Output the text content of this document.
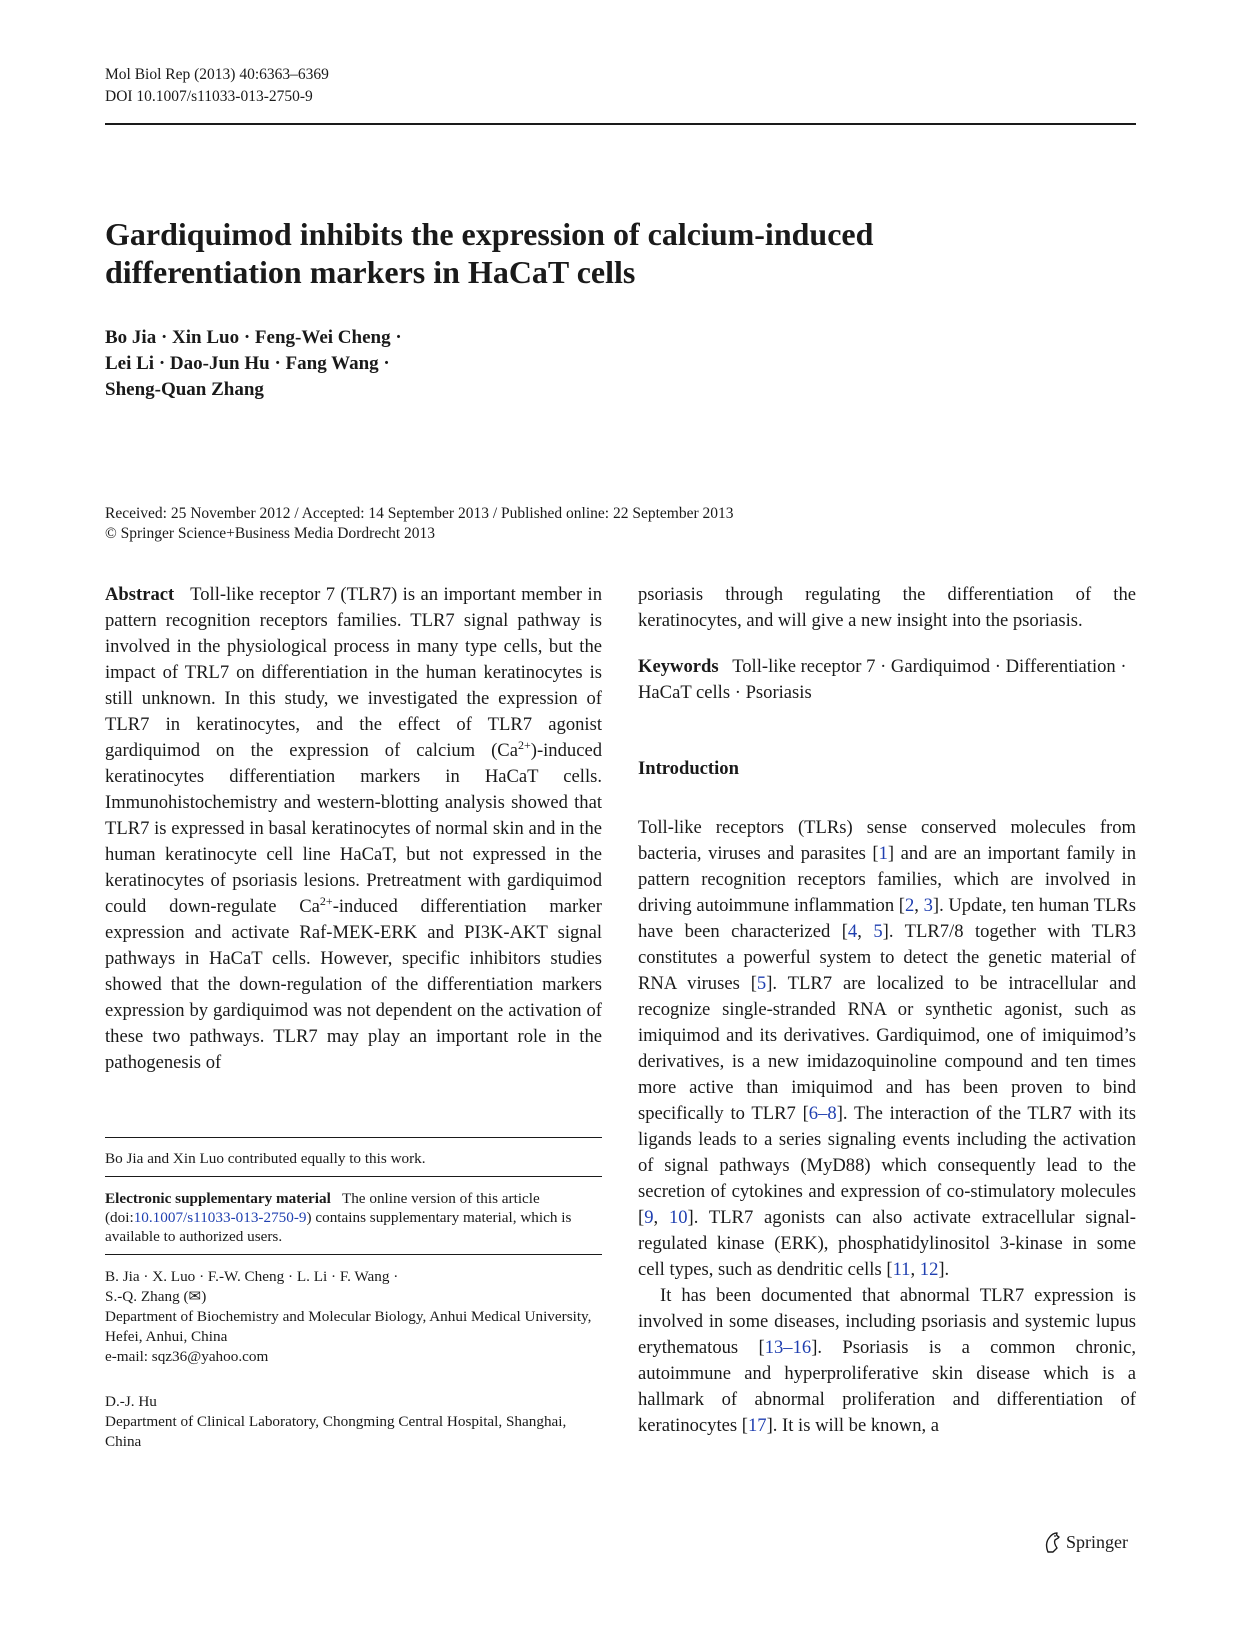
Mol Biol Rep (2013) 40:6363–6369
DOI 10.1007/s11033-013-2750-9
Gardiquimod inhibits the expression of calcium-induced
differentiation markers in HaCaT cells
Bo Jia · Xin Luo · Feng-Wei Cheng ·
Lei Li · Dao-Jun Hu · Fang Wang ·
Sheng-Quan Zhang
Received: 25 November 2012 / Accepted: 14 September 2013 / Published online: 22 September 2013
© Springer Science+Business Media Dordrecht 2013

Abstract Toll-like receptor 7 (TLR7) is an important member in pattern recognition receptors families. TLR7 signal pathway is involved in the physiological process in many type cells, but the impact of TRL7 on differentiation in the human keratinocytes is still unknown. In this study, we investigated the expression of TLR7 in keratinocytes, and the effect of TLR7 agonist gardiquimod on the expression of calcium $(Ca^{2+})$-induced keratinocytes differentiation markers in HaCaT cells. Immunohistochemistry and western-blotting analysis showed that TLR7 is expressed in basal keratinocytes of normal skin and in the human keratinocyte cell line HaCaT, but not expressed in the keratinocytes of psoriasis lesions. Pretreatment with gardiquimod could down-regulate $Ca^{2+}$-induced differentiation marker expression and activate Raf-MEK-ERK and PI3K-AKT signal pathways in HaCaT cells. However, specific inhibitors studies showed that the down-regulation of the differentiation markers expression by gardiquimod was not dependent on the activation of these two pathways. TLR7 may play an important role in the pathogenesis of

psoriasis through regulating the differentiation of the keratinocytes, and will give a new insight into the psoriasis.

Keywords Toll-like receptor 7 · Gardiquimod · Differentiation · HaCaT cells · Psoriasis

Introduction

Toll-like receptors (TLRs) sense conserved molecules from bacteria, viruses and parasites [1] and are an important family in pattern recognition receptors families, which are involved in driving autoimmune inflammation [2, 3]. Update, ten human TLRs have been characterized [4, 5]. TLR7/8 together with TLR3 constitutes a powerful system to detect the genetic material of RNA viruses [5]. TLR7 are localized to be intracellular and recognize single-stranded RNA or synthetic agonist, such as imiquimod and its derivatives. Gardiquimod, one of imiquimod’s derivatives, is a new imidazoquinoline compound and ten times more active than imiquimod and has been proven to bind specifically to TLR7 [6–8]. The interaction of the TLR7 with its ligands leads to a series signaling events including the activation of signal pathways (MyD88) which consequently lead to the secretion of cytokines and expression of co-stimulatory molecules [9, 10]. TLR7 agonists can also activate extracellular signal-regulated kinase (ERK), phosphatidylinositol 3-kinase in some cell types, such as dendritic cells [11, 12].

It has been documented that abnormal TLR7 expression is involved in some diseases, including psoriasis and systemic lupus erythematous [13–16]. Psoriasis is a common chronic, autoimmune and hyperproliferative skin disease which is a hallmark of abnormal proliferation and differentiation of keratinocytes [17]. It is will be known, a

Bo Jia and Xin Luo contributed equally to this work.

Electronic supplementary material The online version of this article (doi:10.1007/s11033-013-2750-9) contains supplementary material, which is available to authorized users.

B. Jia · X. Luo · F.-W. Cheng · L. Li · F. Wang ·

S.-Q. Zhang (✉)

Department of Biochemistry and Molecular Biology, Anhui Medical University, Hefei, Anhui, China

e-mail: sqz36@yahoo.com

D.-J. Hu

Department of Clinical Laboratory, Chongming Central Hospital, Shanghai, China

Springer
